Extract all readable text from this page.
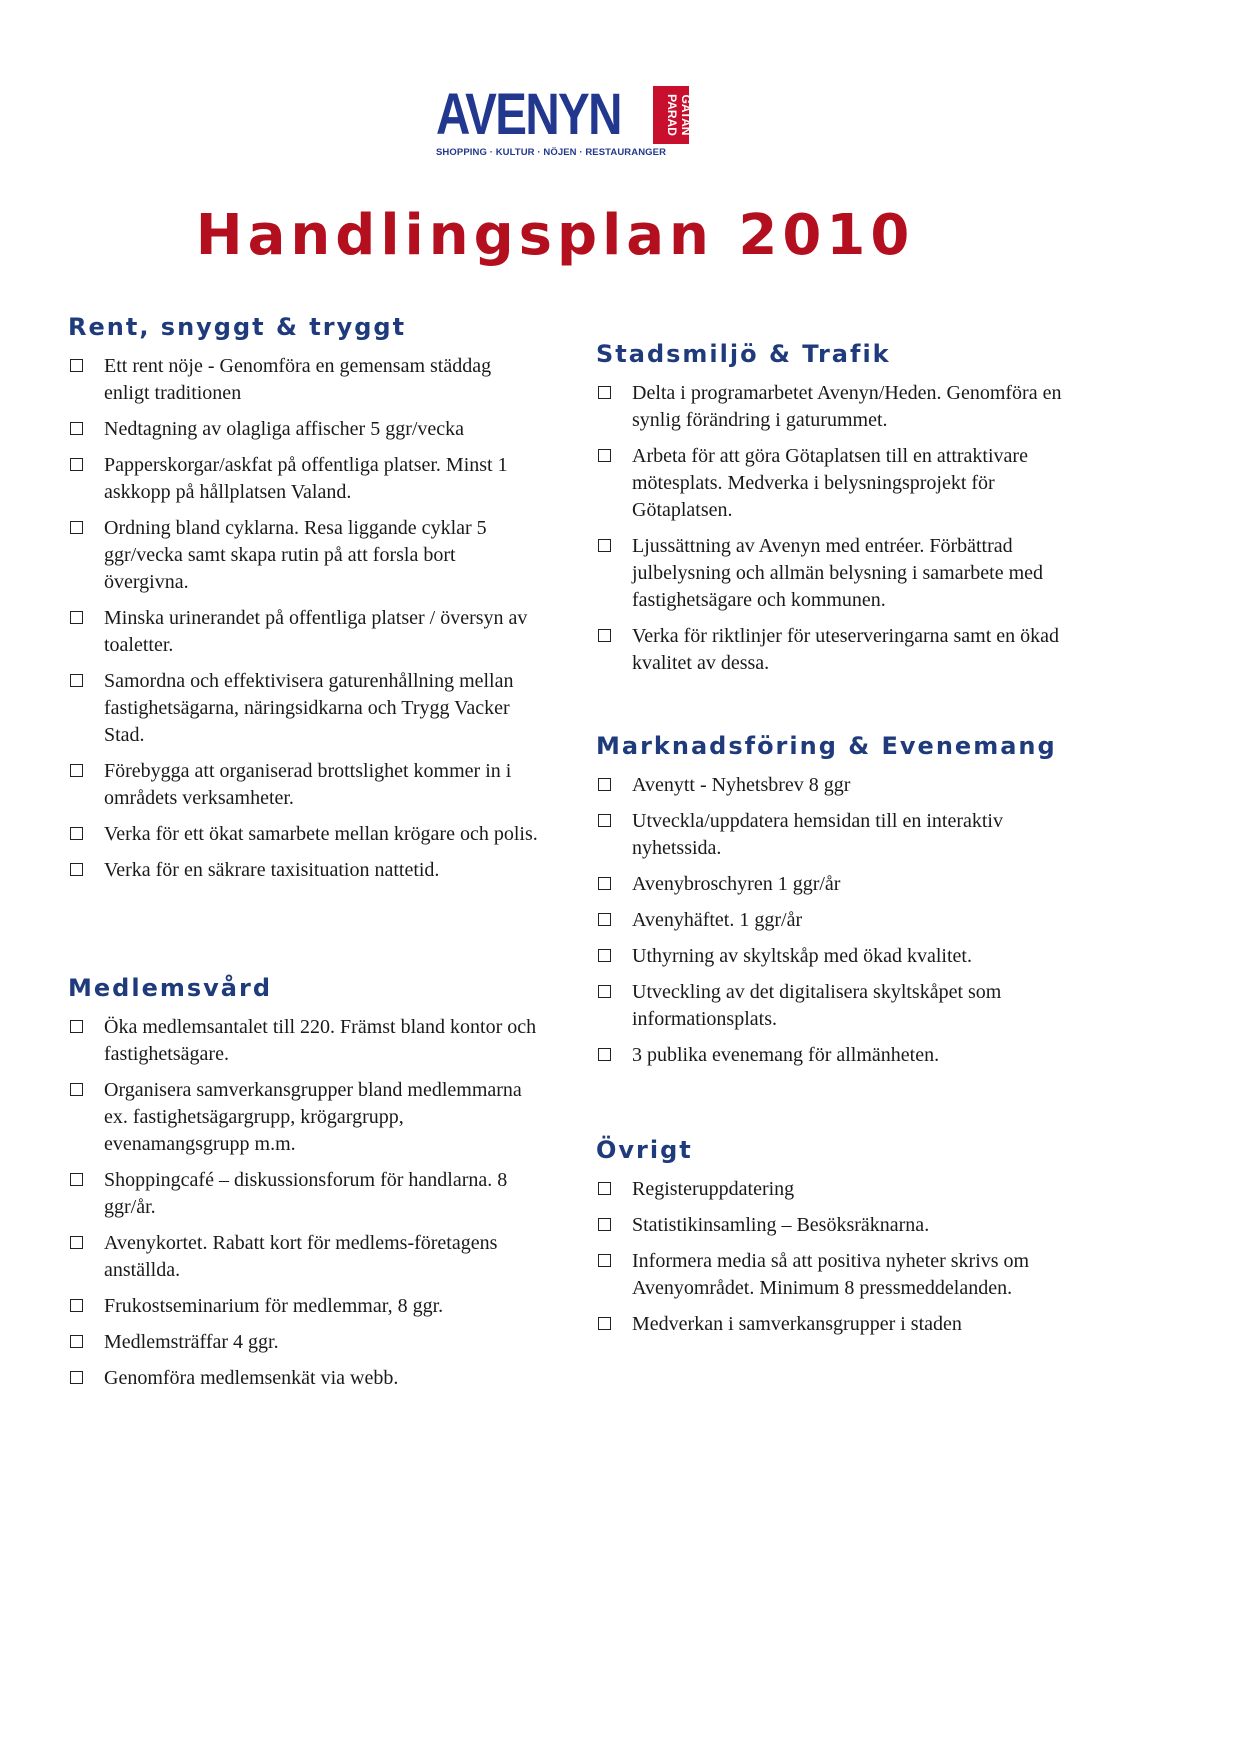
AVENYN	PARAD GATAN
SHOPPING · KULTUR · NÖJEN · RESTAURANGER
Handlingsplan 2010
Rent, snyggt & tryggt
Ett rent nöje - Genomföra en gemensam städdag enligt traditionen
Nedtagning av olagliga affischer 5 ggr/vecka
Papperskorgar/askfat på offentliga platser. Minst 1 askkopp på hållplatsen Valand.
Ordning bland cyklarna. Resa liggande cyklar 5 ggr/vecka samt skapa rutin på att forsla bort övergivna.
Minska urinerandet på offentliga platser / översyn av toaletter.
Samordna och effektivisera gaturenhållning mellan fastighetsägarna, näringsidkarna och Trygg Vacker Stad.
Förebygga att organiserad brottslighet kommer in i områdets verksamheter.
Verka för ett ökat samarbete mellan krögare och polis.
Verka för en säkrare taxisituation nattetid.
Medlemsvård
Öka medlemsantalet till 220. Främst bland kontor och fastighetsägare.
Organisera samverkansgrupper bland medlemmarna ex. fastighetsägargrupp, krögargrupp, evenamangsgrupp m.m.
Shoppingcafé – diskussionsforum för handlarna. 8 ggr/år.
Avenykortet. Rabatt kort för medlems-företagens anställda.
Frukostseminarium för medlemmar, 8 ggr.
Medlemsträffar 4 ggr.
Genomföra medlemsenkät via webb.
Stadsmiljö & Trafik
Delta i programarbetet Avenyn/Heden. Genomföra en synlig förändring i gaturummet.
Arbeta för att göra Götaplatsen till en attraktivare mötesplats. Medverka i belysningsprojekt för Götaplatsen.
Ljussättning av Avenyn med entréer. Förbättrad julbelysning och allmän belysning i samarbete med fastighetsägare och kommunen.
Verka för riktlinjer för uteserveringarna samt en ökad kvalitet av dessa.
Marknadsföring & Evenemang
Avenytt - Nyhetsbrev 8 ggr
Utveckla/uppdatera hemsidan till en interaktiv nyhetssida.
Avenybroschyren 1 ggr/år
Avenyhäftet. 1 ggr/år
Uthyrning av skyltskåp med ökad kvalitet.
Utveckling av det digitalisera skyltskåpet som informationsplats.
3 publika evenemang för allmänheten.
Övrigt
Registeruppdatering
Statistikinsamling – Besöksräknarna.
Informera media så att positiva nyheter skrivs om Avenyområdet. Minimum 8 pressmeddelanden.
Medverkan i samverkansgrupper i staden
